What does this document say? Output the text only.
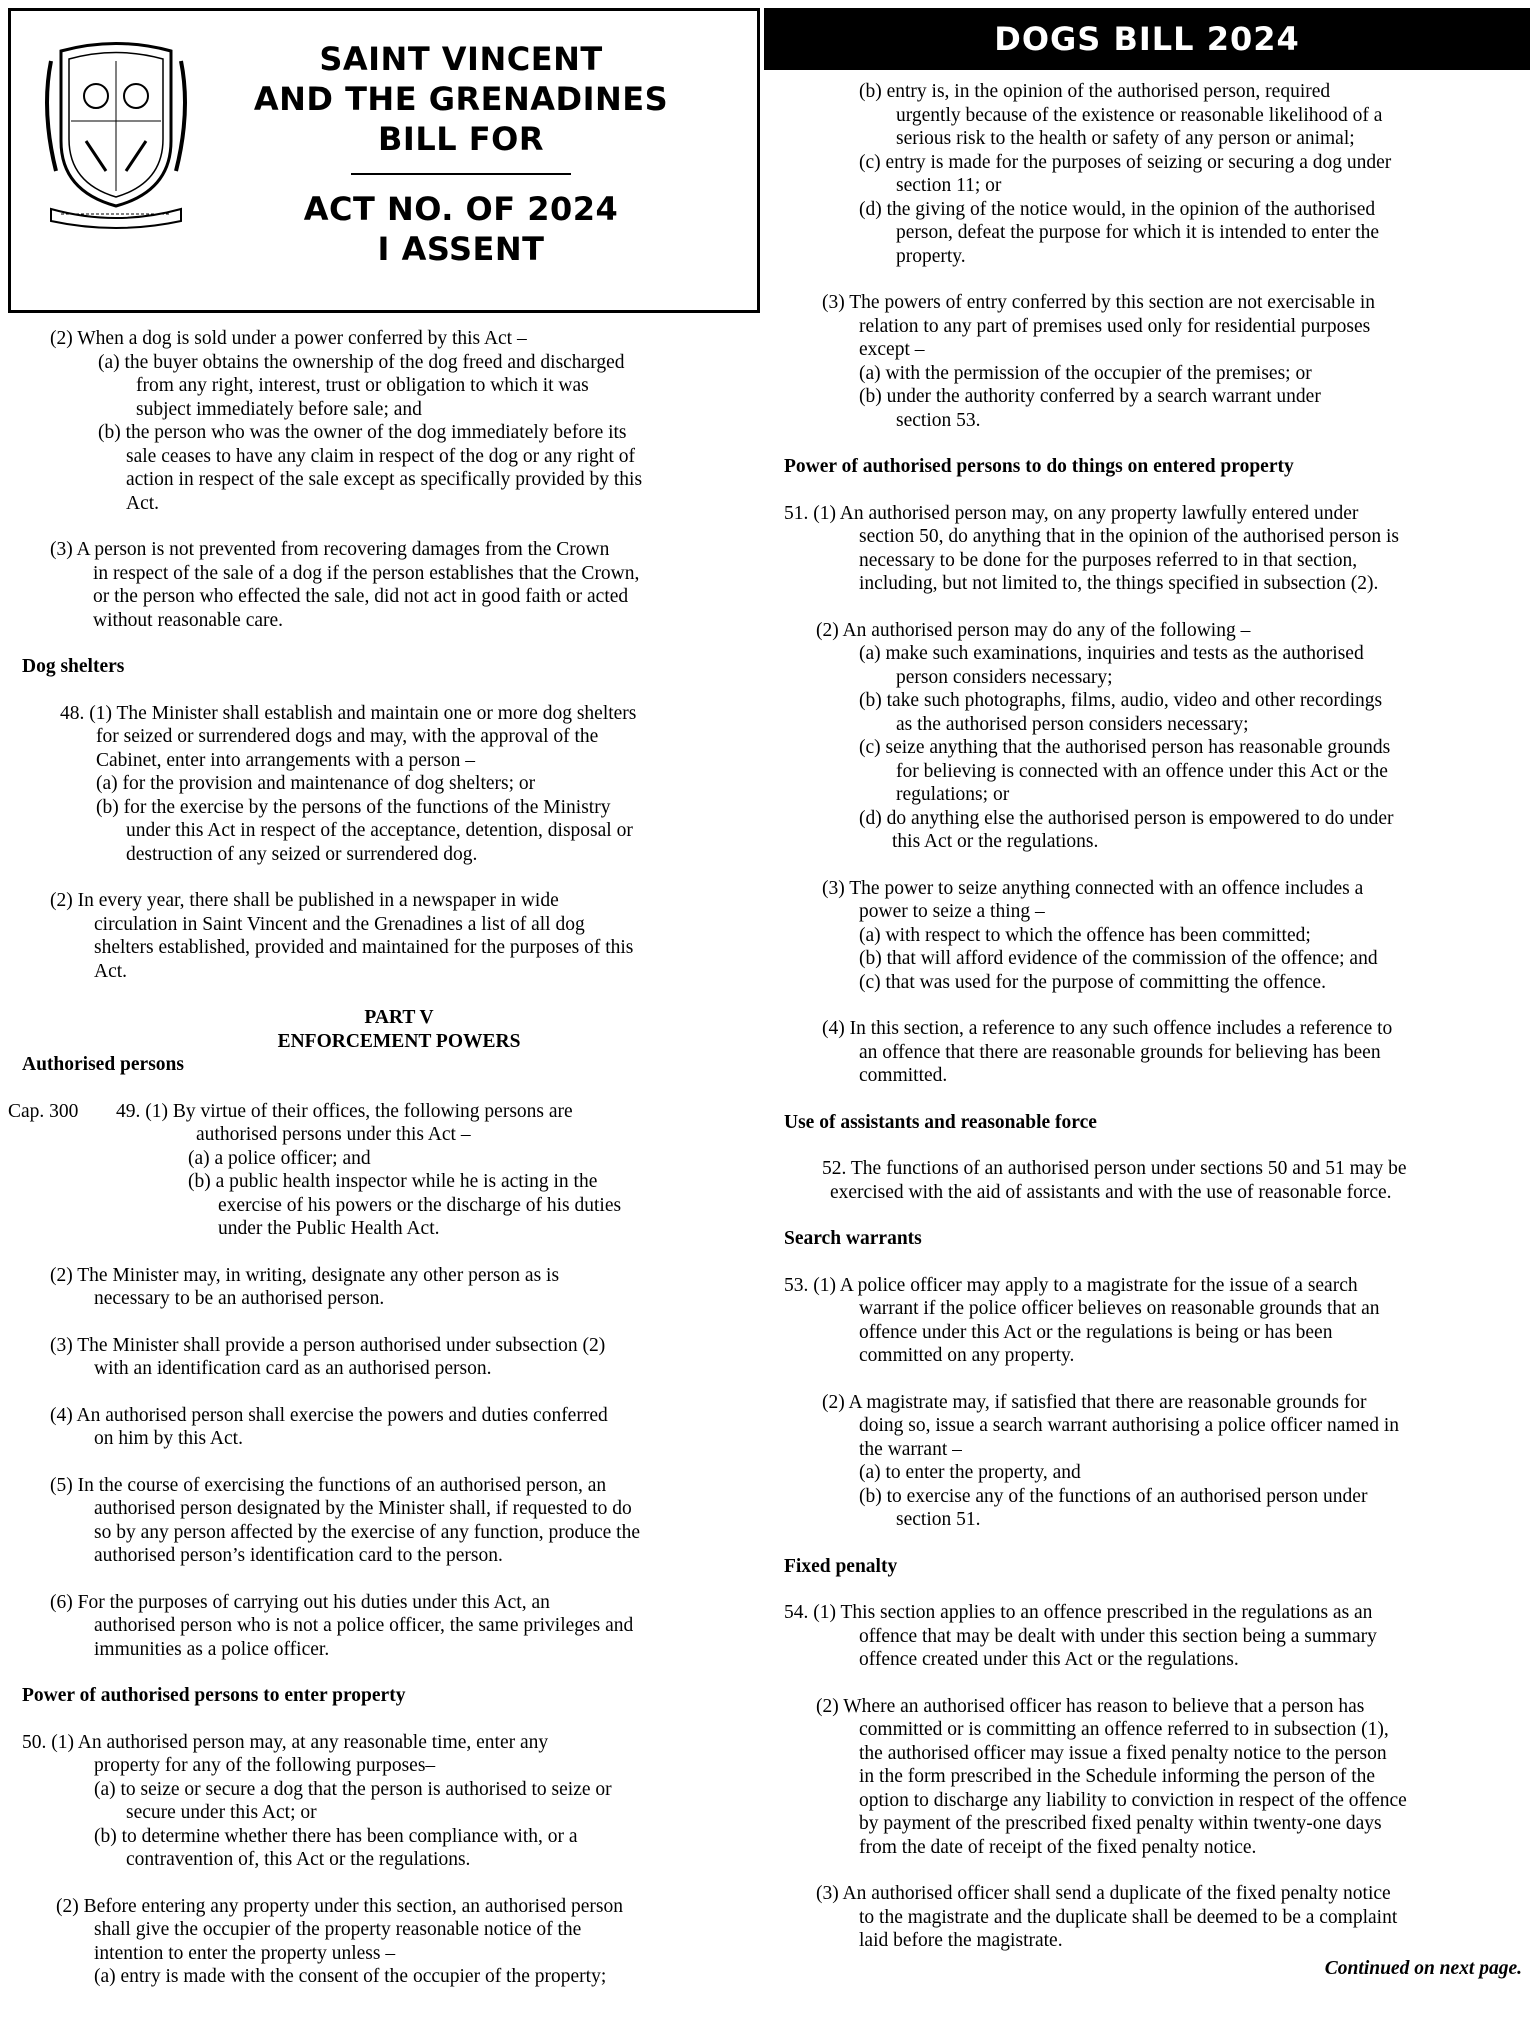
SAINT VINCENT
AND THE GRENADINES
BILL FOR
ACT NO. OF 2024
I ASSENT

(2) When a dog is sold under a power conferred by this Act –

(a) the buyer obtains the ownership of the dog freed and discharged

from any right, interest, trust or obligation to which it was

subject immediately before sale; and

(b) the person who was the owner of the dog immediately before its

sale ceases to have any claim in respect of the dog or any right of

action in respect of the sale except as specifically provided by this

Act.

(3) A person is not prevented from recovering damages from the Crown

in respect of the sale of a dog if the person establishes that the Crown,

or the person who effected the sale, did not act in good faith or acted

without reasonable care.

Dog shelters

48. (1) The Minister shall establish and maintain one or more dog shelters

for seized or surrendered dogs and may, with the approval of the

Cabinet, enter into arrangements with a person –

(a) for the provision and maintenance of dog shelters; or

(b) for the exercise by the persons of the functions of the Ministry

under this Act in respect of the acceptance, detention, disposal or

destruction of any seized or surrendered dog.

(2) In every year, there shall be published in a newspaper in wide

circulation in Saint Vincent and the Grenadines a list of all dog

shelters established, provided and maintained for the purposes of this

Act.

PART V

ENFORCEMENT POWERS

Authorised persons

Cap. 300	49. (1) By virtue of their offices, the following persons are

authorised persons under this Act –

(a) a police officer; and

(b) a public health inspector while he is acting in the

exercise of his powers or the discharge of his duties

under the Public Health Act.

(2) The Minister may, in writing, designate any other person as is

necessary to be an authorised person.

(3) The Minister shall provide a person authorised under subsection (2)

with an identification card as an authorised person.

(4) An authorised person shall exercise the powers and duties conferred

on him by this Act.

(5) In the course of exercising the functions of an authorised person, an

authorised person designated by the Minister shall, if requested to do

so by any person affected by the exercise of any function, produce the

authorised person’s identification card to the person.

(6) For the purposes of carrying out his duties under this Act, an

authorised person who is not a police officer, the same privileges and

immunities as a police officer.

Power of authorised persons to enter property

50. (1) An authorised person may, at any reasonable time, enter any

property for any of the following purposes–

(a) to seize or secure a dog that the person is authorised to seize or

secure under this Act; or

(b) to determine whether there has been compliance with, or a

contravention of, this Act or the regulations.

(2) Before entering any property under this section, an authorised person

shall give the occupier of the property reasonable notice of the

intention to enter the property unless –

(a) entry is made with the consent of the occupier of the property;

DOGS BILL 2024

(b) entry is, in the opinion of the authorised person, required

urgently because of the existence or reasonable likelihood of a

serious risk to the health or safety of any person or animal;

(c) entry is made for the purposes of seizing or securing a dog under

section 11; or

(d) the giving of the notice would, in the opinion of the authorised

person, defeat the purpose for which it is intended to enter the

property.

(3) The powers of entry conferred by this section are not exercisable in

relation to any part of premises used only for residential purposes

except –

(a) with the permission of the occupier of the premises; or

(b) under the authority conferred by a search warrant under

section 53.

Power of authorised persons to do things on entered property

51. (1) An authorised person may, on any property lawfully entered under

section 50, do anything that in the opinion of the authorised person is

necessary to be done for the purposes referred to in that section,

including, but not limited to, the things specified in subsection (2).

(2) An authorised person may do any of the following –

(a) make such examinations, inquiries and tests as the authorised

person considers necessary;

(b) take such photographs, films, audio, video and other recordings

as the authorised person considers necessary;

(c) seize anything that the authorised person has reasonable grounds

for believing is connected with an offence under this Act or the

regulations; or

(d) do anything else the authorised person is empowered to do under

this Act or the regulations.

(3) The power to seize anything connected with an offence includes a

power to seize a thing –

(a) with respect to which the offence has been committed;

(b) that will afford evidence of the commission of the offence; and

(c) that was used for the purpose of committing the offence.

(4) In this section, a reference to any such offence includes a reference to

an offence that there are reasonable grounds for believing has been

committed.

Use of assistants and reasonable force

52. The functions of an authorised person under sections 50 and 51 may be

exercised with the aid of assistants and with the use of reasonable force.

Search warrants

53. (1) A police officer may apply to a magistrate for the issue of a search

warrant if the police officer believes on reasonable grounds that an

offence under this Act or the regulations is being or has been

committed on any property.

(2) A magistrate may, if satisfied that there are reasonable grounds for

doing so, issue a search warrant authorising a police officer named in

the warrant –

(a) to enter the property, and

(b) to exercise any of the functions of an authorised person under

section 51.

Fixed penalty

54. (1) This section applies to an offence prescribed in the regulations as an

offence that may be dealt with under this section being a summary

offence created under this Act or the regulations.

(2) Where an authorised officer has reason to believe that a person has

committed or is committing an offence referred to in subsection (1),

the authorised officer may issue a fixed penalty notice to the person

in the form prescribed in the Schedule informing the person of the

option to discharge any liability to conviction in respect of the offence

by payment of the prescribed fixed penalty within twenty-one days

from the date of receipt of the fixed penalty notice.

(3) An authorised officer shall send a duplicate of the fixed penalty notice

to the magistrate and the duplicate shall be deemed to be a complaint

laid before the magistrate.

Continued on next page.
